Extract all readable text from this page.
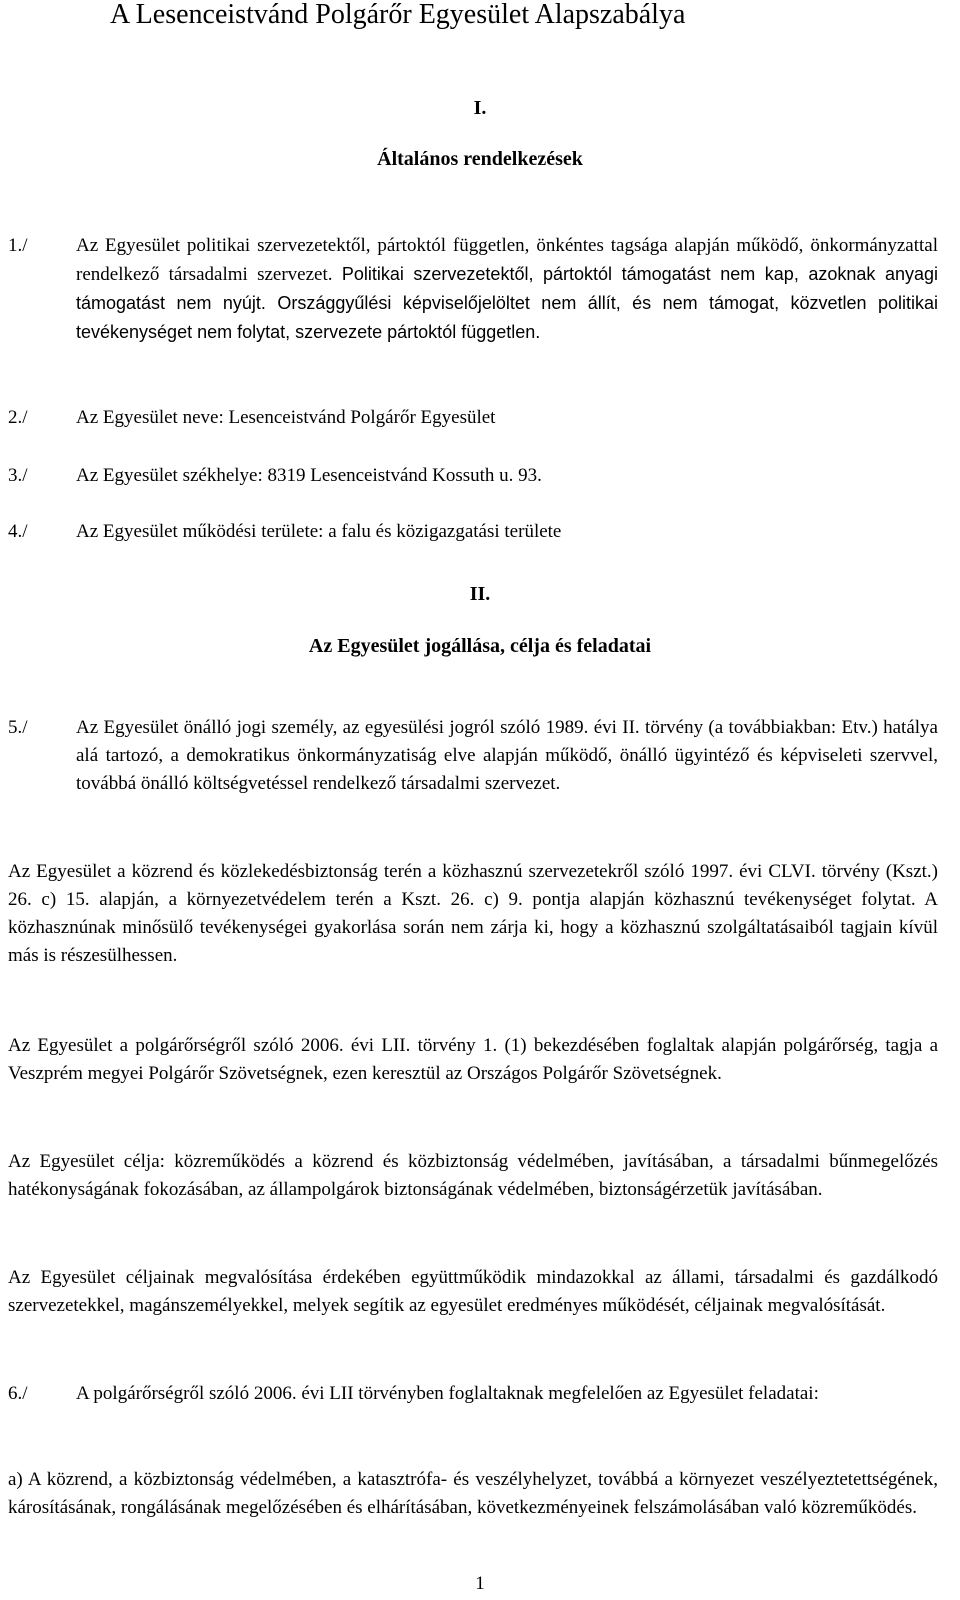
A Lesenceistvánd Polgárőr Egyesület Alapszabálya

I.

Általános rendelkezések

1./	Az Egyesület politikai szervezetektől, pártoktól független, önkéntes tagsága alapján működő, önkormányzattal rendelkező társadalmi szervezet. Politikai szervezetektől, pártoktól támogatást nem kap, azoknak anyagi támogatást nem nyújt. Országgyűlési képviselőjelöltet nem állít, és nem támogat, közvetlen politikai tevékenységet nem folytat, szervezete pártoktól független.

2./	Az Egyesület neve: Lesenceistvánd Polgárőr Egyesület

3./	Az Egyesület székhelye: 8319 Lesenceistvánd Kossuth u. 93.

4./	Az Egyesület működési területe: a falu és közigazgatási területe

II.

Az Egyesület jogállása, célja és feladatai

5./	Az Egyesület önálló jogi személy, az egyesülési jogról szóló 1989. évi II. törvény (a továbbiakban: Etv.) hatálya alá tartozó, a demokratikus önkormányzatiság elve alapján működő, önálló ügyintéző és képviseleti szervvel, továbbá önálló költségvetéssel rendelkező társadalmi szervezet.

Az Egyesület a közrend és közlekedésbiztonság terén a közhasznú szervezetekről szóló 1997. évi CLVI. törvény (Kszt.) 26. c) 15. alapján, a környezetvédelem terén a Kszt. 26. c) 9. pontja alapján közhasznú tevékenységet folytat. A közhasznúnak minősülő tevékenységei gyakorlása során nem zárja ki, hogy a közhasznú szolgáltatásaiból tagjain kívül más is részesülhessen.

Az Egyesület a polgárőrségről szóló 2006. évi LII. törvény 1. (1) bekezdésében foglaltak alapján polgárőrség, tagja a Veszprém megyei Polgárőr Szövetségnek, ezen keresztül az Országos Polgárőr Szövetségnek.

Az Egyesület célja: közreműködés a közrend és közbiztonság védelmében, javításában, a társadalmi bűnmegelőzés hatékonyságának fokozásában, az állampolgárok biztonságának védelmében, biztonságérzetük javításában.

Az Egyesület céljainak megvalósítása érdekében együttműködik mindazokkal az állami, társadalmi és gazdálkodó szervezetekkel, magánszemélyekkel, melyek segítik az egyesület eredményes működését, céljainak megvalósítását.

6./	A polgárőrségről szóló 2006. évi LII törvényben foglaltaknak megfelelően az Egyesület feladatai:

a) A közrend, a közbiztonság védelmében, a katasztrófa- és veszélyhelyzet, továbbá a környezet veszélyeztetettségének, károsításának, rongálásának megelőzésében és elhárításában, következményeinek felszámolásában való közreműködés.

1
